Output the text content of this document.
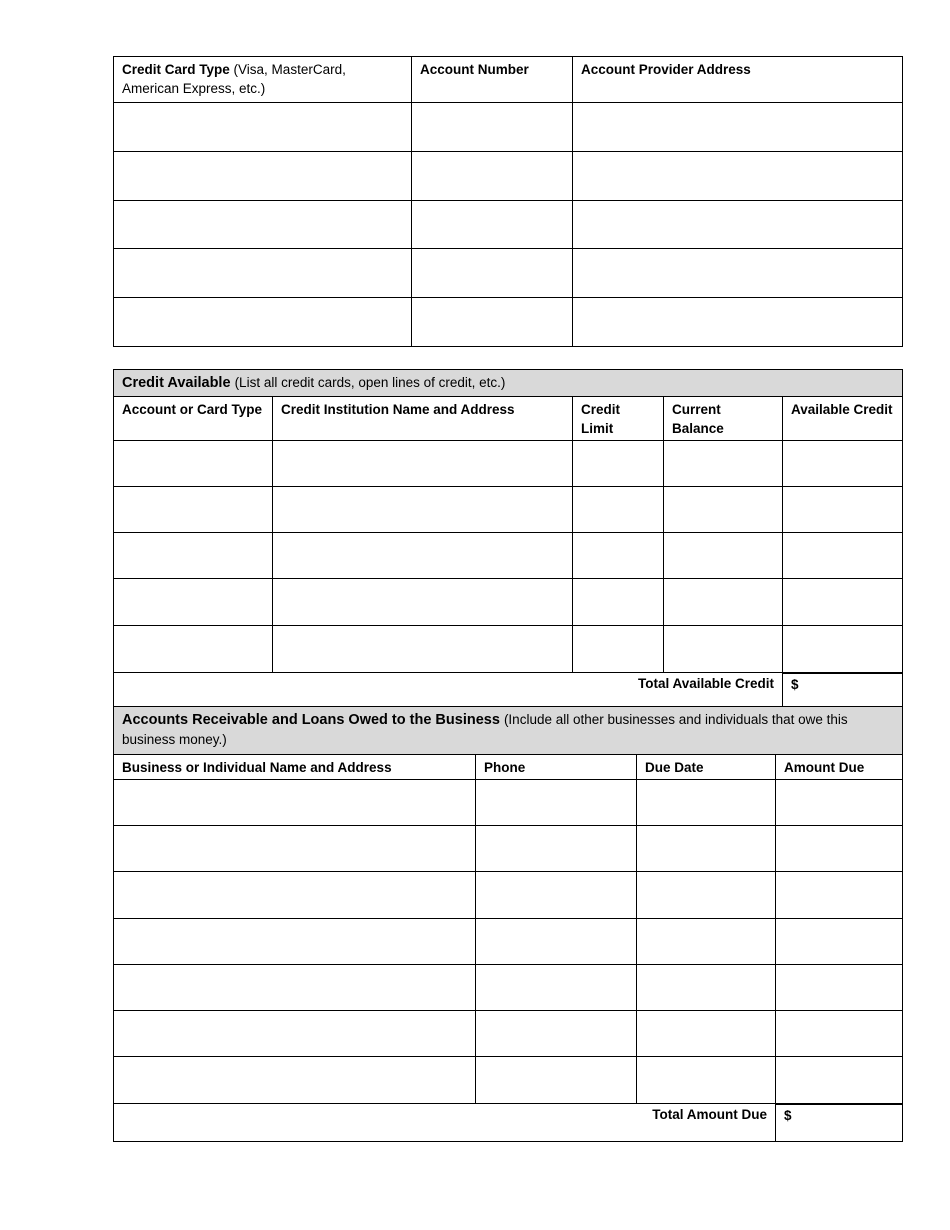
Credit Card Type (Visa, MasterCard, American Express, etc.)	Account Number	Account Provider Address

Credit Available (List all credit cards, open lines of credit, etc.)				
Account or Card Type	Credit Institution Name and Address	Credit Limit	Current Balance	Available Credit

Total Available Credit				$
Accounts Receivable and Loans Owed to the Business (Include all other businesses and individuals that owe this business money.)			
Business or Individual Name and Address	Phone	Due Date	Amount Due

Total Amount Due			$
